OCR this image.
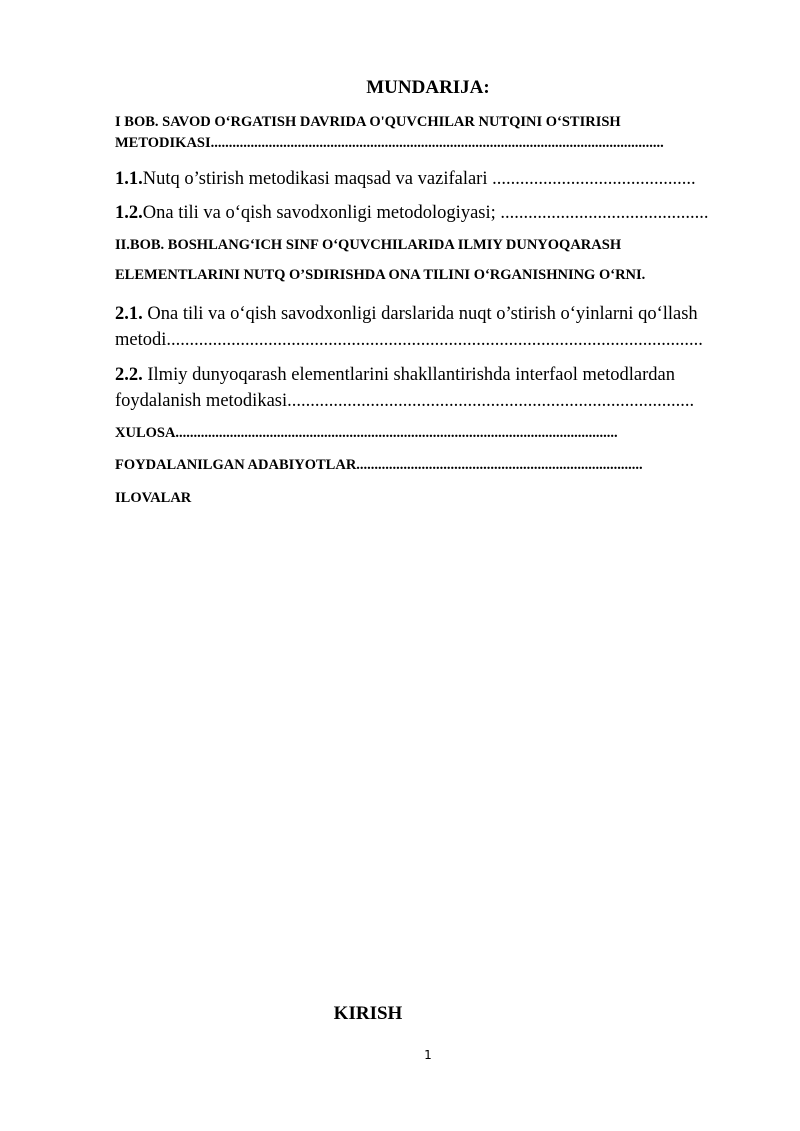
MUNDARIJA:
I BOB. SAVOD O‘RGATISH DAVRIDA O'QUVCHILAR NUTQINI O‘STIRISH
METODIKASI.............................................................................................................................
1.1.Nutq o’stirish metodikasi maqsad va vazifalari ............................................
1.2.Ona tili va o‘qish savodxonligi metodologiyasi; .............................................
II.BOB. BOSHLANG‘ICH SINF O‘QUVCHILARIDA ILMIY DUNYOQARASH
ELEMENTLARINI NUTQ O’SDIRISHDA ONA TILINI O‘RGANISHNING O‘RNI.
2.1. Ona tili va o‘qish savodxonligi darslarida nuqt o’stirish o‘yinlarni qo‘llash
metodi....................................................................................................................
2.2. Ilmiy dunyoqarash elementlarini shakllantirishda interfaol metodlardan
foydalanish metodikasi........................................................................................
XULOSA..........................................................................................................................
FOYDALANILGAN ADABIYOTLAR...............................................................................
ILOVALAR
KIRISH
1
